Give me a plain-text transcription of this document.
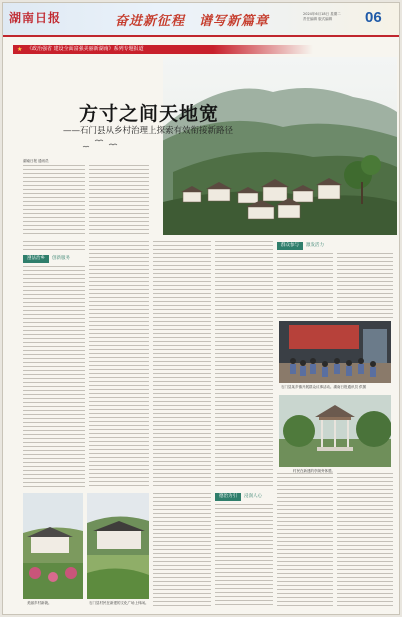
湖南日报	奋进新征程　谱写新篇章	2024年6月18日 星期二
责任编辑 版式编辑	06
★ 《政治强省 建设全面富强美丽新湖南》系列专题报道
方寸之间天地宽
——石门县从乡村治理上探索有效衔接新路径
湖南日报 通讯员
遵法治乡 创新服务
群众参与 激发活力
石门县某乡镇开展群众议事活动。湖南日报通讯员 供图
村民在新建的亭阁旁休憩。
德治为引 浸润人心
美丽乡村新貌。	石门县村民在新建的文化广场上休闲。
